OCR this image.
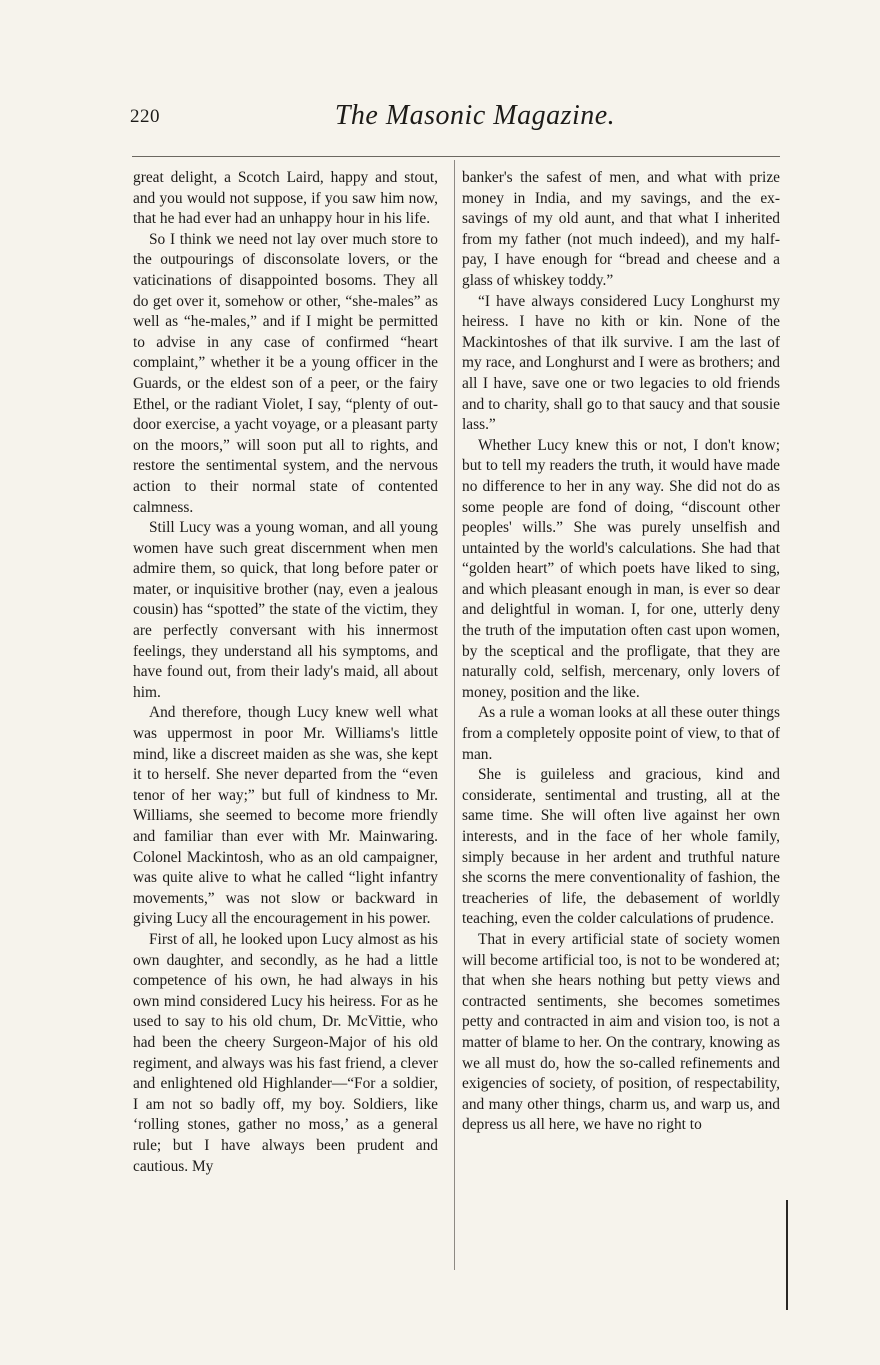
220	The Masonic Magazine.

great delight, a Scotch Laird, happy and stout, and you would not suppose, if you saw him now, that he had ever had an unhappy hour in his life.

So I think we need not lay over much store to the outpourings of disconsolate lovers, or the vaticinations of disappointed bosoms. They all do get over it, somehow or other, “she-males” as well as “he-males,” and if I might be permitted to advise in any case of confirmed “heart complaint,” whether it be a young officer in the Guards, or the eldest son of a peer, or the fairy Ethel, or the radiant Violet, I say, “plenty of out-door exercise, a yacht voyage, or a pleasant party on the moors,” will soon put all to rights, and restore the sentimental system, and the nervous action to their normal state of contented calmness.

Still Lucy was a young woman, and all young women have such great discernment when men admire them, so quick, that long before pater or mater, or inquisitive brother (nay, even a jealous cousin) has “spotted” the state of the victim, they are perfectly conversant with his innermost feelings, they understand all his symptoms, and have found out, from their lady's maid, all about him.

And therefore, though Lucy knew well what was uppermost in poor Mr. Williams's little mind, like a discreet maiden as she was, she kept it to herself. She never departed from the “even tenor of her way;” but full of kindness to Mr. Williams, she seemed to become more friendly and familiar than ever with Mr. Mainwaring. Colonel Mackintosh, who as an old campaigner, was quite alive to what he called “light infantry movements,” was not slow or backward in giving Lucy all the encouragement in his power.

First of all, he looked upon Lucy almost as his own daughter, and secondly, as he had a little competence of his own, he had always in his own mind considered Lucy his heiress. For as he used to say to his old chum, Dr. McVittie, who had been the cheery Surgeon-Major of his old regiment, and always was his fast friend, a clever and enlightened old Highlander—“For a soldier, I am not so badly off, my boy. Soldiers, like ‘rolling stones, gather no moss,’ as a general rule; but I have always been prudent and cautious. My

banker's the safest of men, and what with prize money in India, and my savings, and the ex-savings of my old aunt, and that what I inherited from my father (not much indeed), and my half-pay, I have enough for “bread and cheese and a glass of whiskey toddy.”

“I have always considered Lucy Longhurst my heiress. I have no kith or kin. None of the Mackintoshes of that ilk survive. I am the last of my race, and Longhurst and I were as brothers; and all I have, save one or two legacies to old friends and to charity, shall go to that saucy and that sousie lass.”

Whether Lucy knew this or not, I don't know; but to tell my readers the truth, it would have made no difference to her in any way. She did not do as some people are fond of doing, “discount other peoples' wills.” She was purely unselfish and untainted by the world's calculations. She had that “golden heart” of which poets have liked to sing, and which pleasant enough in man, is ever so dear and delightful in woman. I, for one, utterly deny the truth of the imputation often cast upon women, by the sceptical and the profligate, that they are naturally cold, selfish, mercenary, only lovers of money, position and the like.

As a rule a woman looks at all these outer things from a completely opposite point of view, to that of man.

She is guileless and gracious, kind and considerate, sentimental and trusting, all at the same time. She will often live against her own interests, and in the face of her whole family, simply because in her ardent and truthful nature she scorns the mere conventionality of fashion, the treacheries of life, the debasement of worldly teaching, even the colder calculations of prudence.

That in every artificial state of society women will become artificial too, is not to be wondered at; that when she hears nothing but petty views and contracted sentiments, she becomes sometimes petty and contracted in aim and vision too, is not a matter of blame to her. On the contrary, knowing as we all must do, how the so-called refinements and exigencies of society, of position, of respectability, and many other things, charm us, and warp us, and depress us all here, we have no right to
